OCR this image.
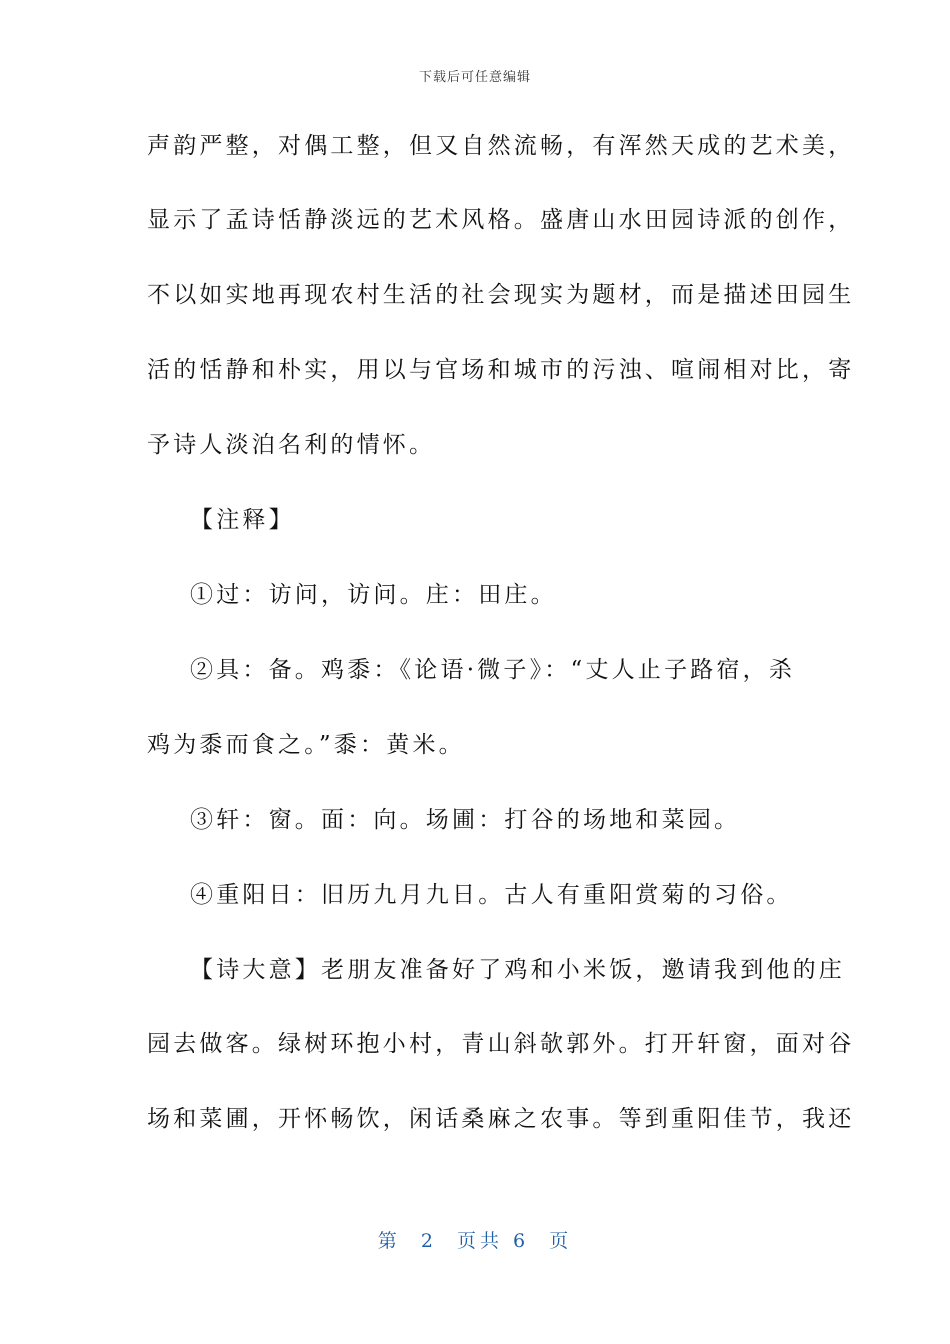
下载后可任意编辑
声韵严整，对偶工整，但又自然流畅，有浑然天成的艺术美，
显示了孟诗恬静淡远的艺术风格。盛唐山水田园诗派的创作，
不以如实地再现农村生活的社会现实为题材，而是描述田园生
活的恬静和朴实，用以与官场和城市的污浊、喧闹相对比，寄
予诗人淡泊名利的情怀。
【注释】
①过：访问，访问。庄：田庄。
②具：备。鸡黍：《论语·微子》：“丈人止子路宿，杀
鸡为黍而食之。”黍：黄米。
③轩：窗。面：向。场圃：打谷的场地和菜园。
④重阳日：旧历九月九日。古人有重阳赏菊的习俗。
【诗大意】老朋友准备好了鸡和小米饭，邀请我到他的庄
园去做客。绿树环抱小村，青山斜欹郭外。打开轩窗，面对谷
场和菜圃，开怀畅饮，闲话桑麻之农事。等到重阳佳节，我还
第  2  页共 6  页
